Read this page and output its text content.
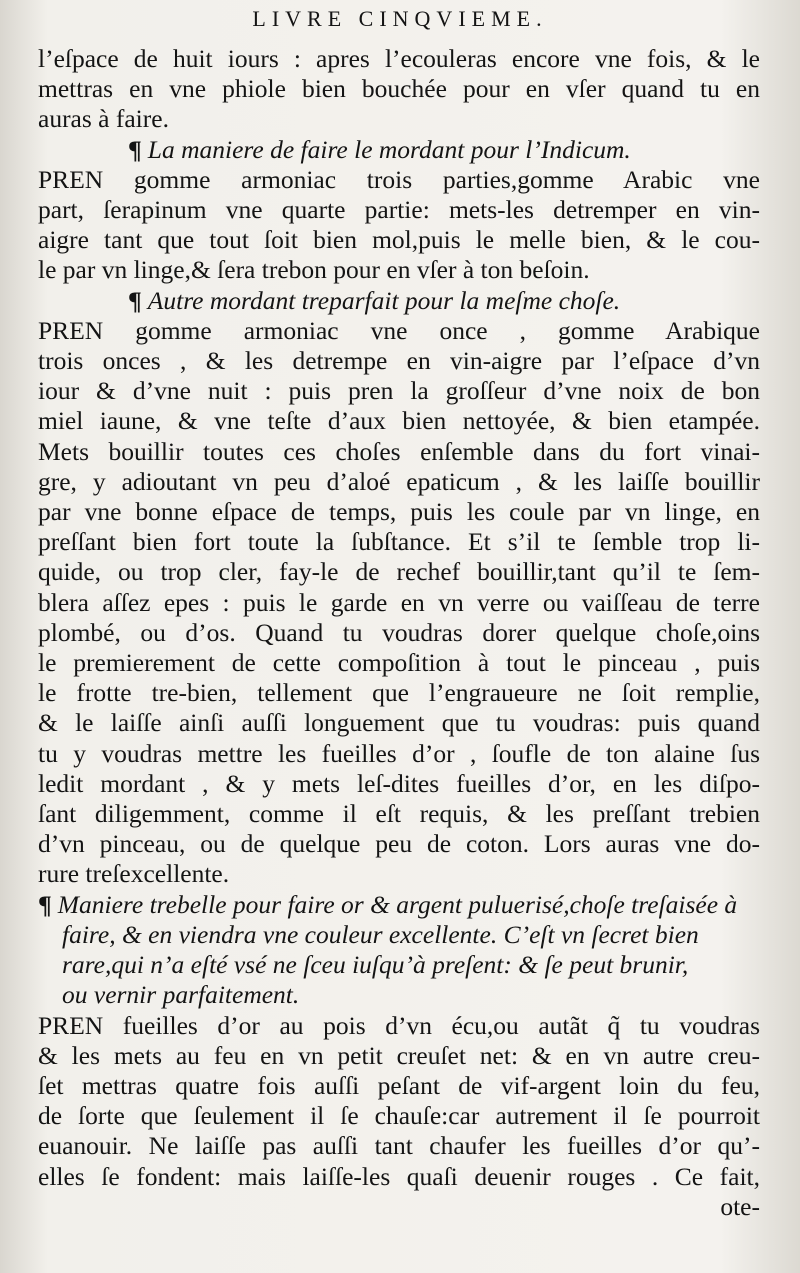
LIVRE CINQVIEME.
l’eſpace de huit iours : apres l’ecouleras encore vne fois, & le
mettras en vne phiole bien bouchée pour en vſer quand tu en
auras à faire.
¶ La maniere de faire le mordant pour l’Indicum.
PREN gomme armoniac trois parties,gomme Arabic vne
part, ſerapinum vne quarte partie: mets-les detremper en vin-
aigre tant que tout ſoit bien mol,puis le melle bien, & le cou-
le par vn linge,& ſera trebon pour en vſer à ton beſoin.
¶ Autre mordant treparfait pour la meſme choſe.
PREN gomme armoniac vne once , gomme Arabique
trois onces , & les detrempe en vin-aigre par l’eſpace d’vn
iour & d’vne nuit : puis pren la groſſeur d’vne noix de bon
miel iaune, & vne teſte d’aux bien nettoyée, & bien etampée.
Mets bouillir toutes ces choſes enſemble dans du fort vinai-
gre, y adioutant vn peu d’aloé epaticum , & les laiſſe bouillir
par vne bonne eſpace de temps, puis les coule par vn linge, en
preſſant bien fort toute la ſubſtance. Et s’il te ſemble trop li-
quide, ou trop cler, fay-le de rechef bouillir,tant qu’il te ſem-
blera aſſez epes : puis le garde en vn verre ou vaiſſeau de terre
plombé, ou d’os. Quand tu voudras dorer quelque choſe,oins
le premierement de cette compoſition à tout le pinceau , puis
le frotte tre-bien, tellement que l’engraueure ne ſoit remplie,
& le laiſſe ainſi auſſi longuement que tu voudras: puis quand
tu y voudras mettre les fueilles d’or , ſoufle de ton alaine ſus
ledit mordant , & y mets leſ-dites fueilles d’or, en les diſpo-
ſant diligemment, comme il eſt requis, & les preſſant trebien
d’vn pinceau, ou de quelque peu de coton. Lors auras vne do-
rure treſexcellente.
¶ Maniere trebelle pour faire or & argent puluerisé,choſe treſaisée à
faire, & en viendra vne couleur excellente. C’eſt vn ſecret bien
rare,qui n’a eſté vsé ne ſceu iuſqu’à preſent: & ſe peut brunir,
ou vernir parfaitement.
PREN fueilles d’or au pois d’vn écu,ou autãt q̃ tu voudras
& les mets au feu en vn petit creuſet net: & en vn autre creu-
ſet mettras quatre fois auſſi peſant de vif-argent loin du feu,
de ſorte que ſeulement il ſe chauſe:car autrement il ſe pourroit
euanouir. Ne laiſſe pas auſſi tant chaufer les fueilles d’or qu’-
elles ſe fondent: mais laiſſe-les quaſi deuenir rouges . Ce fait,
ote-
